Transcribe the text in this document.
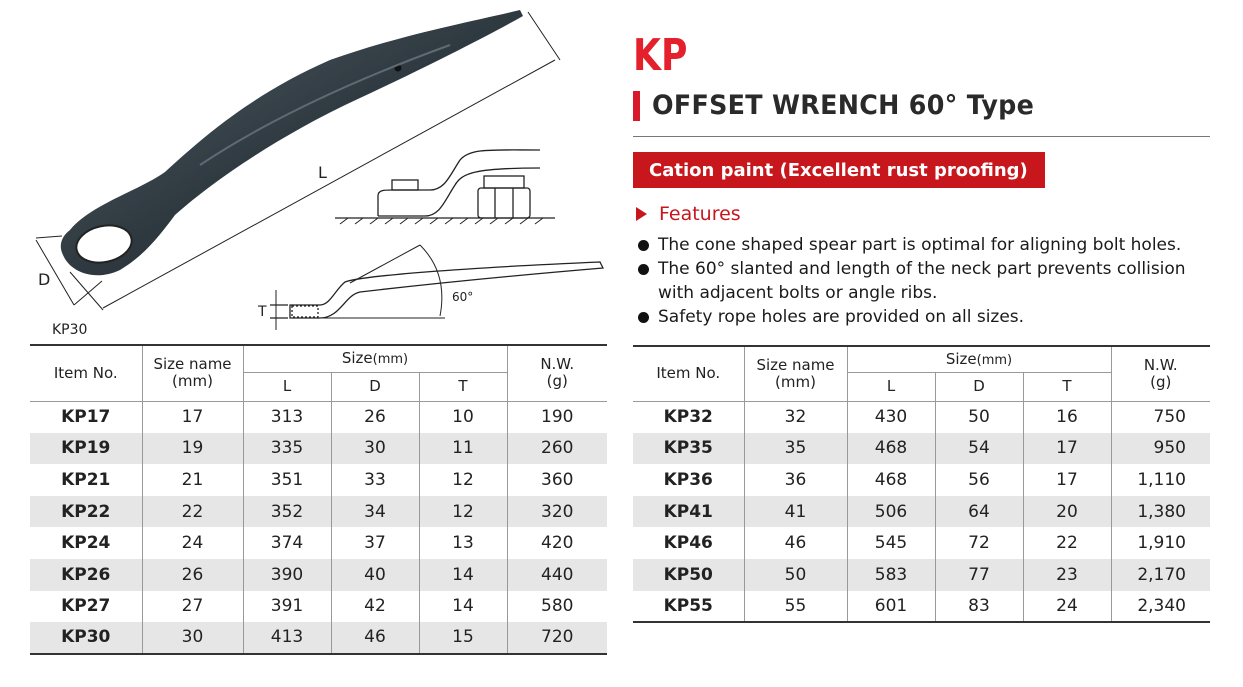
L
D
KP30
T
60°
KP
OFFSET WRENCH 60° Type
Cation paint (Excellent rust proofing)
Features
The cone shaped spear part is optimal for aligning bolt holes.
The 60° slanted and length of the neck part prevents collision with adjacent bolts or angle ribs.
Safety rope holes are provided on all sizes.
Item No.	Size name
(mm)	Size(mm)			N.W.
(g)
		L	D	T	
KP17	17	313	26	10	190
KP19	19	335	30	11	260
KP21	21	351	33	12	360
KP22	22	352	34	12	320
KP24	24	374	37	13	420
KP26	26	390	40	14	440
KP27	27	391	42	14	580
KP30	30	413	46	15	720
Item No.	Size name
(mm)	Size(mm)			N.W.
(g)
		L	D	T	
KP32	32	430	50	16	750
KP35	35	468	54	17	950
KP36	36	468	56	17	1,110
KP41	41	506	64	20	1,380
KP46	46	545	72	22	1,910
KP50	50	583	77	23	2,170
KP55	55	601	83	24	2,340
